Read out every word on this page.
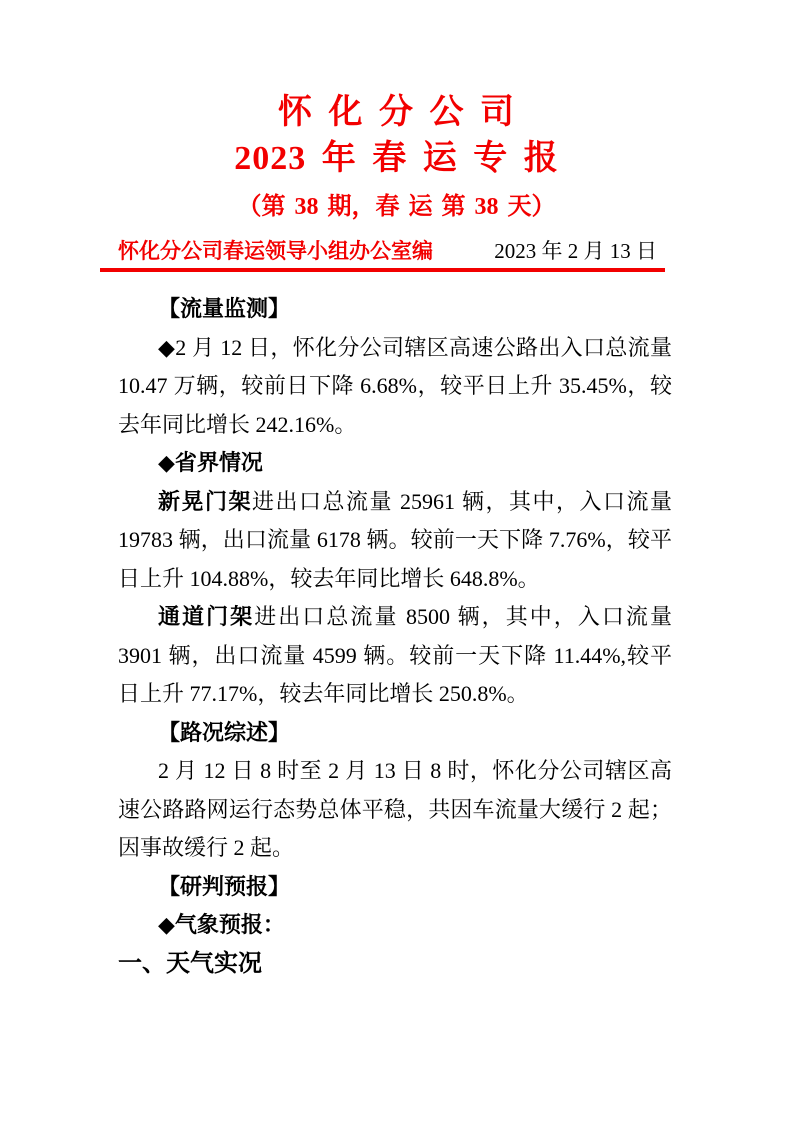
怀 化 分 公 司
2023 年 春 运 专 报
（第 38 期，春 运 第 38 天）
怀化分公司春运领导小组办公室编	2023 年 2 月 13 日

【流量监测】

◆2 月 12 日，怀化分公司辖区高速公路出入口总流量 10.47 万辆，较前日下降 6.68%，较平日上升 35.45%，较去年同比增长 242.16%。

◆省界情况

新晃门架进出口总流量 25961 辆，其中，入口流量 19783 辆，出口流量 6178 辆。较前一天下降 7.76%，较平日上升 104.88%，较去年同比增长 648.8%。

通道门架进出口总流量 8500 辆，其中，入口流量 3901 辆，出口流量 4599 辆。较前一天下降 11.44%,较平日上升 77.17%，较去年同比增长 250.8%。

【路况综述】

2 月 12 日 8 时至 2 月 13 日 8 时，怀化分公司辖区高速公路路网运行态势总体平稳，共因车流量大缓行 2 起；因事故缓行 2 起。

【研判预报】

◆气象预报：

一、天气实况
